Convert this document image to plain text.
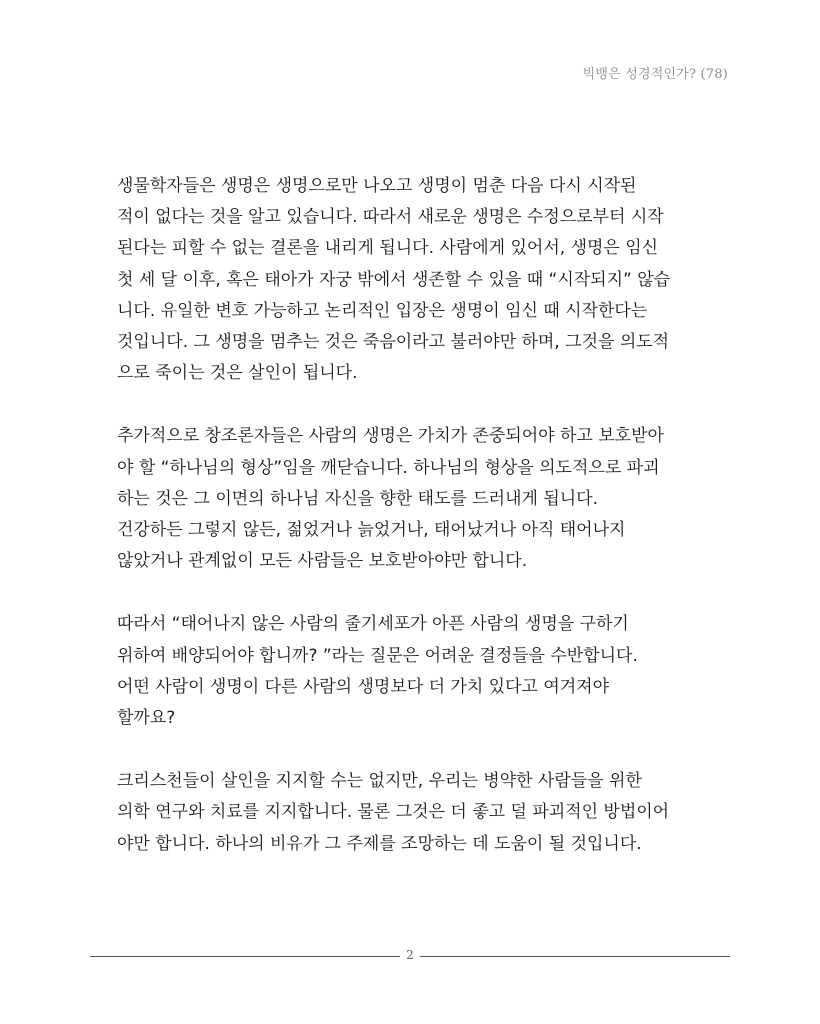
빅뱅은 성경적인가? (78)
생물학자들은 생명은 생명으로만 나오고 생명이 멈춘 다음 다시 시작된
적이 없다는 것을 알고 있습니다. 따라서 새로운 생명은 수정으로부터 시작
된다는 피할 수 없는 결론을 내리게 됩니다. 사람에게 있어서, 생명은 임신
첫 세 달 이후, 혹은 태아가 자궁 밖에서 생존할 수 있을 때 “시작되지” 않습
니다. 유일한 변호 가능하고 논리적인 입장은 생명이 임신 때 시작한다는
것입니다. 그 생명을 멈추는 것은 죽음이라고 불러야만 하며, 그것을 의도적
으로 죽이는 것은 살인이 됩니다.
추가적으로 창조론자들은 사람의 생명은 가치가 존중되어야 하고 보호받아
야 할 “하나님의 형상”임을 깨닫습니다. 하나님의 형상을 의도적으로 파괴
하는 것은 그 이면의 하나님 자신을 향한 태도를 드러내게 됩니다.
건강하든 그렇지 않든, 젊었거나 늙었거나, 태어났거나 아직 태어나지
않았거나 관계없이 모든 사람들은 보호받아야만 합니다.
따라서 “태어나지 않은 사람의 줄기세포가 아픈 사람의 생명을 구하기
위하여 배양되어야 합니까? ”라는 질문은 어려운 결정들을 수반합니다.
어떤 사람이 생명이 다른 사람의 생명보다 더 가치 있다고 여겨져야
할까요?
크리스천들이 살인을 지지할 수는 없지만, 우리는 병약한 사람들을 위한
의학 연구와 치료를 지지합니다. 물론 그것은 더 좋고 덜 파괴적인 방법이어
야만 합니다. 하나의 비유가 그 주제를 조망하는 데 도움이 될 것입니다.
2
